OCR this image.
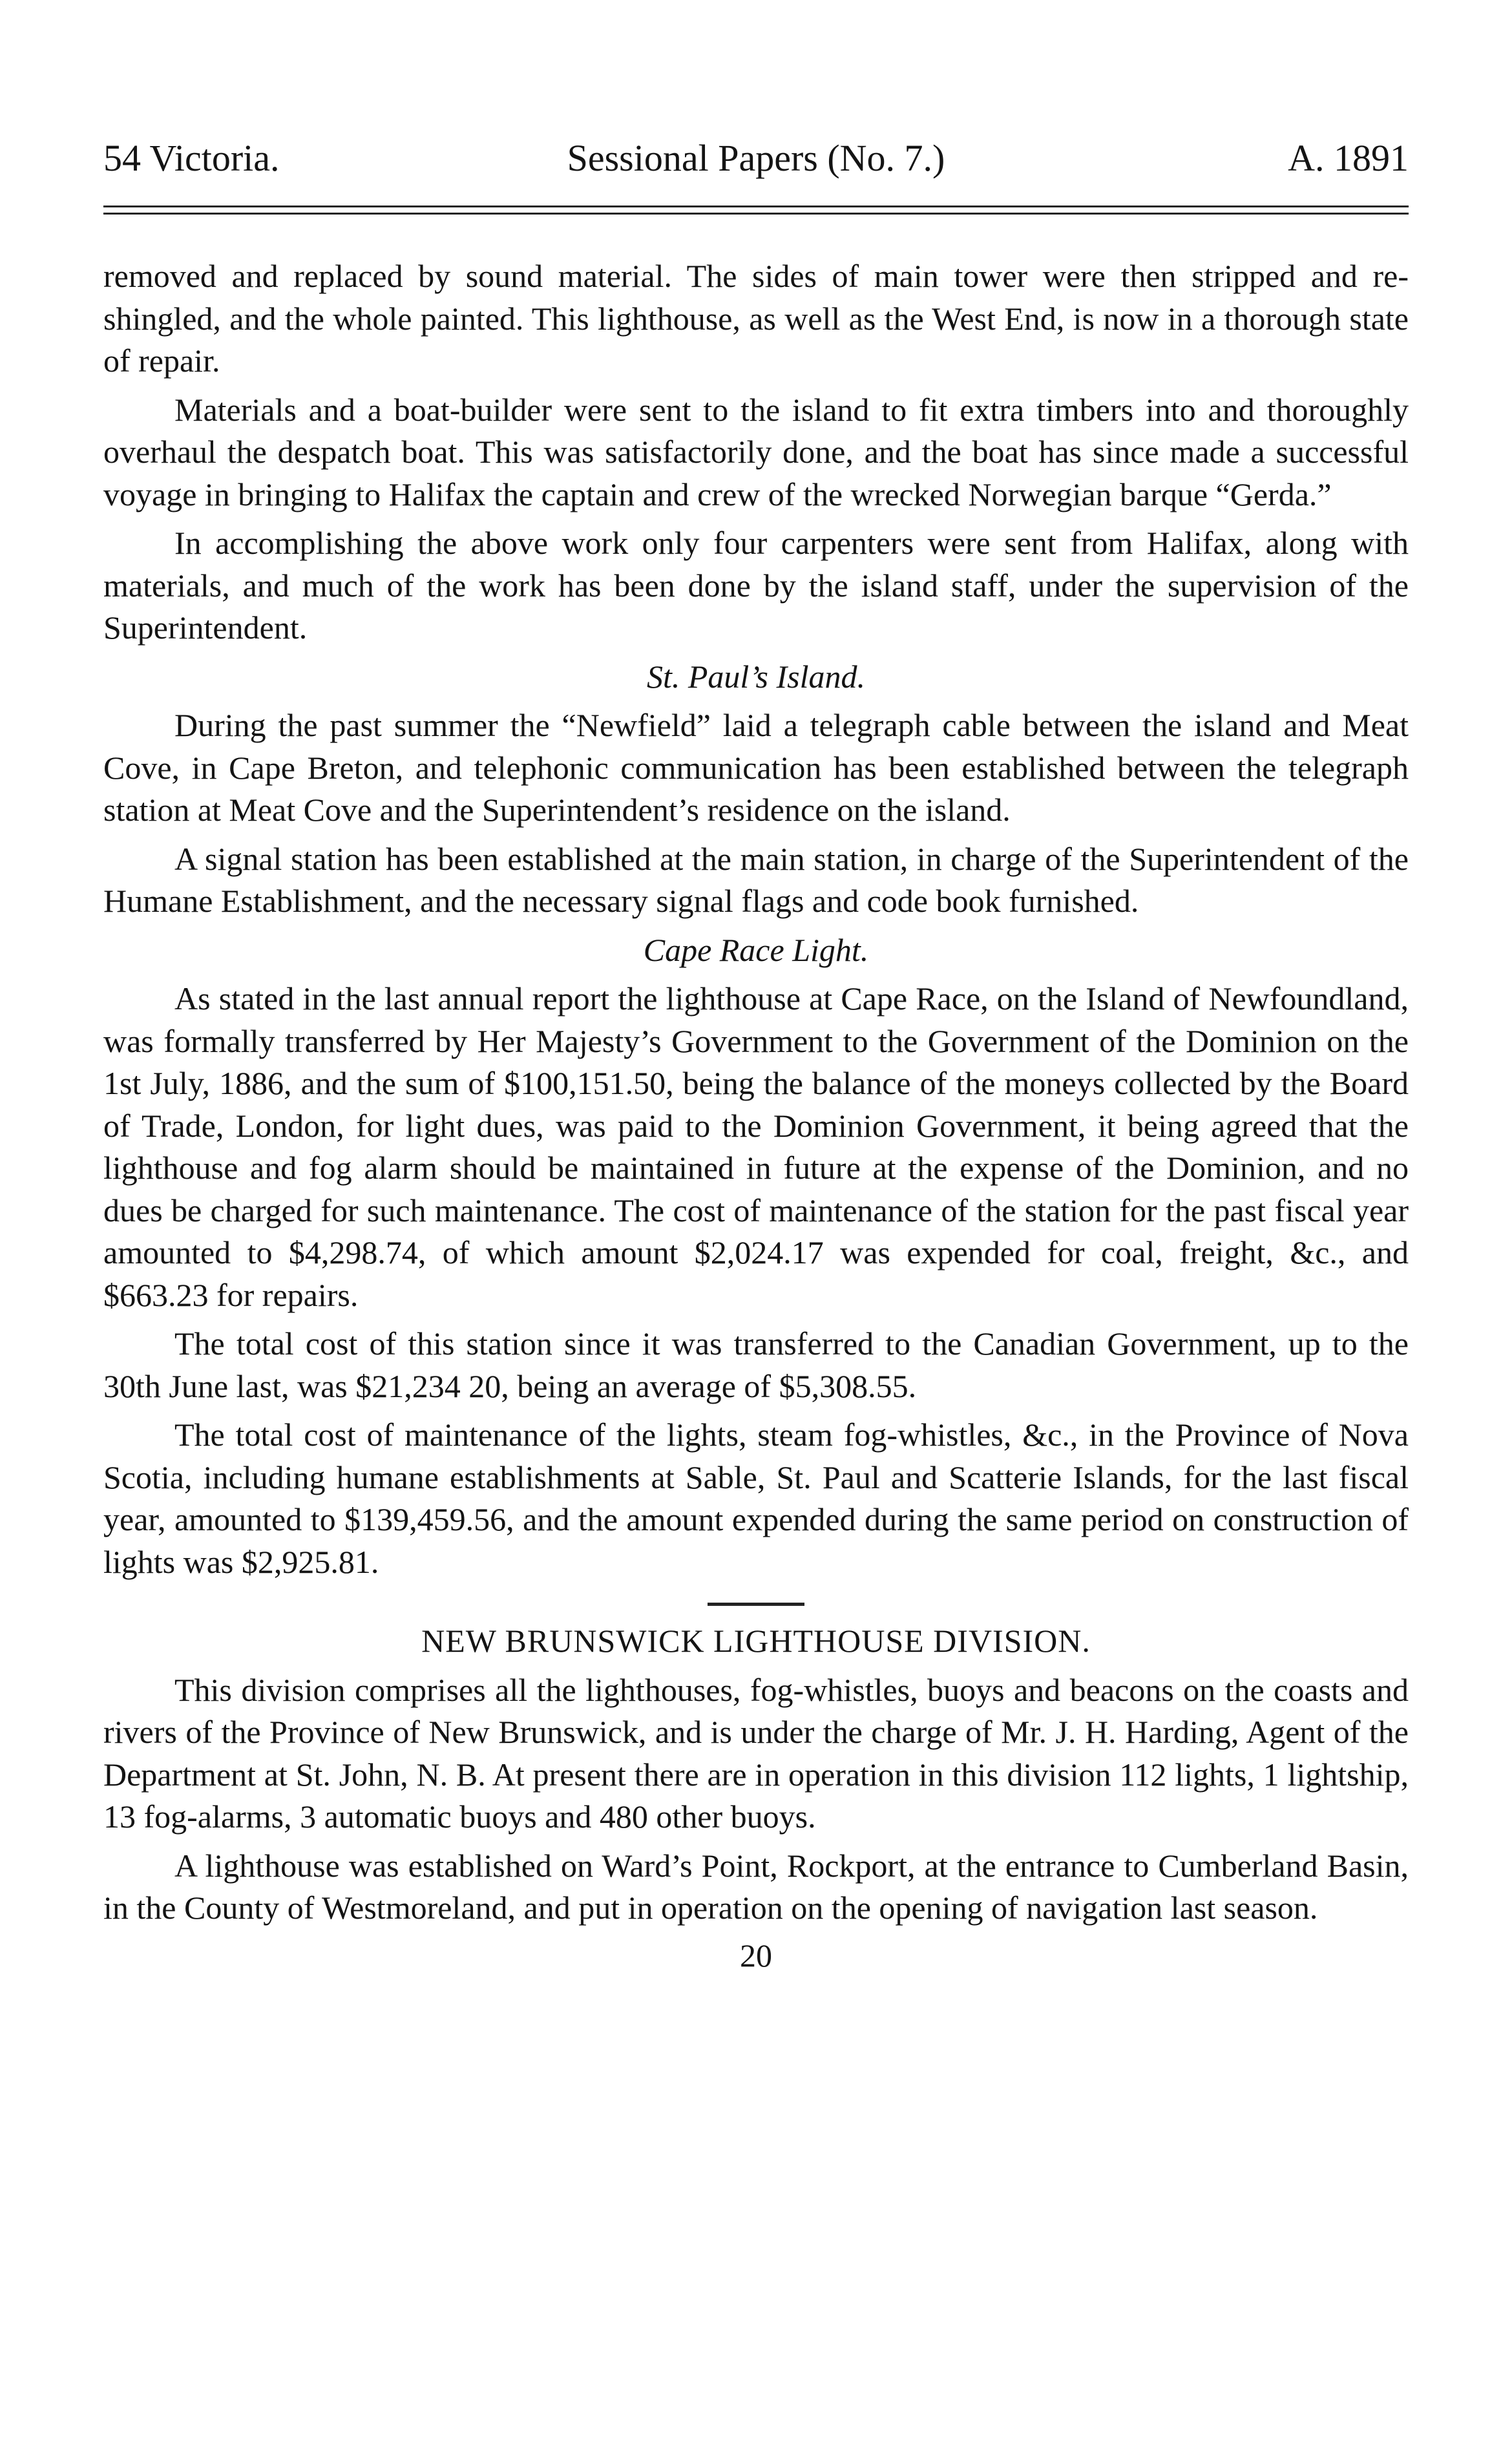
54 Victoria.	Sessional Papers (No. 7.)	A. 1891

removed and replaced by sound material. The sides of main tower were then stripped and re-shingled, and the whole painted. This lighthouse, as well as the West End, is now in a thorough state of repair.

Materials and a boat-builder were sent to the island to fit extra timbers into and thoroughly overhaul the despatch boat. This was satisfactorily done, and the boat has since made a successful voyage in bringing to Halifax the captain and crew of the wrecked Norwegian barque “Gerda.”

In accomplishing the above work only four carpenters were sent from Halifax, along with materials, and much of the work has been done by the island staff, under the supervision of the Superintendent.

St. Paul’s Island.

During the past summer the “Newfield” laid a telegraph cable between the island and Meat Cove, in Cape Breton, and telephonic communication has been established between the telegraph station at Meat Cove and the Superintendent’s residence on the island.

A signal station has been established at the main station, in charge of the Superintendent of the Humane Establishment, and the necessary signal flags and code book furnished.

Cape Race Light.

As stated in the last annual report the lighthouse at Cape Race, on the Island of Newfoundland, was formally transferred by Her Majesty’s Government to the Government of the Dominion on the 1st July, 1886, and the sum of $100,151.50, being the balance of the moneys collected by the Board of Trade, London, for light dues, was paid to the Dominion Government, it being agreed that the lighthouse and fog alarm should be maintained in future at the expense of the Dominion, and no dues be charged for such maintenance. The cost of maintenance of the station for the past fiscal year amounted to $4,298.74, of which amount $2,024.17 was expended for coal, freight, &c., and $663.23 for repairs.

The total cost of this station since it was transferred to the Canadian Government, up to the 30th June last, was $21,234 20, being an average of $5,308.55.

The total cost of maintenance of the lights, steam fog-whistles, &c., in the Province of Nova Scotia, including humane establishments at Sable, St. Paul and Scatterie Islands, for the last fiscal year, amounted to $139,459.56, and the amount expended during the same period on construction of lights was $2,925.81.

NEW BRUNSWICK LIGHTHOUSE DIVISION.

This division comprises all the lighthouses, fog-whistles, buoys and beacons on the coasts and rivers of the Province of New Brunswick, and is under the charge of Mr. J. H. Harding, Agent of the Department at St. John, N. B. At present there are in operation in this division 112 lights, 1 lightship, 13 fog-alarms, 3 automatic buoys and 480 other buoys.

A lighthouse was established on Ward’s Point, Rockport, at the entrance to Cumberland Basin, in the County of Westmoreland, and put in operation on the opening of navigation last season.

20
